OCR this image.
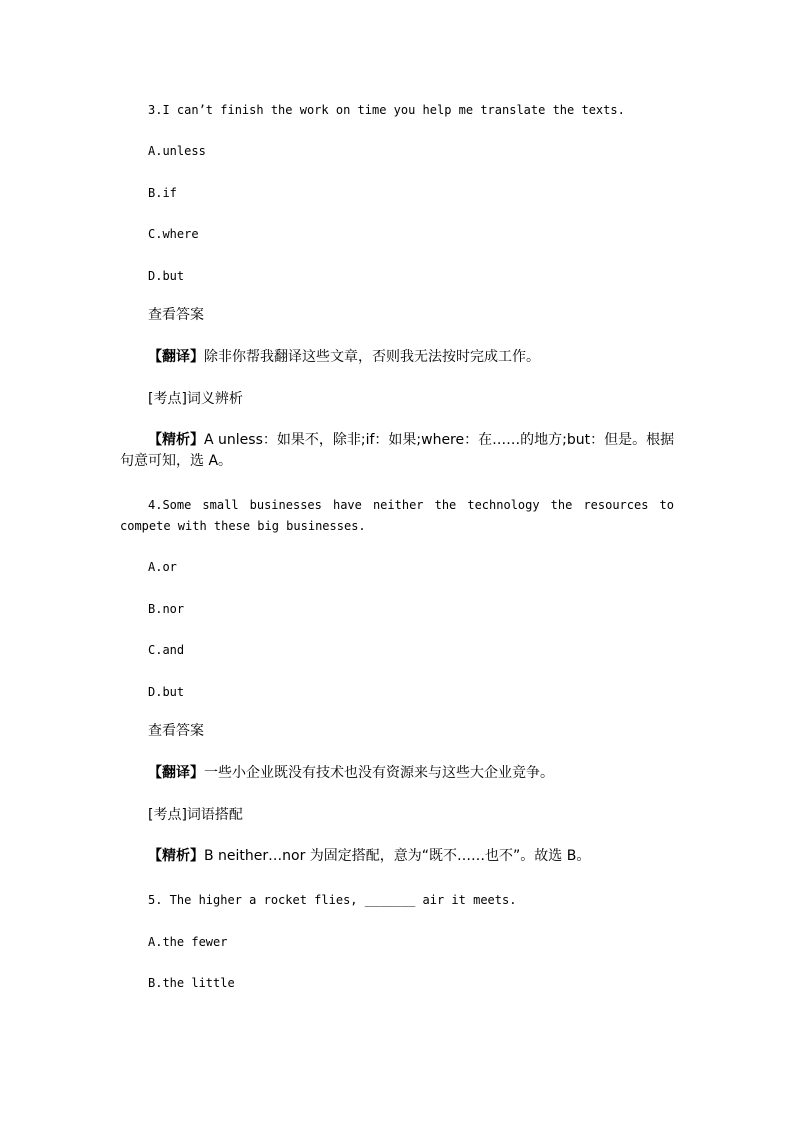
3.I can’t finish the work on time you help me translate the texts.
A.unless
B.if
C.where
D.but
查看答案
【翻译】除非你帮我翻译这些文章，否则我无法按时完成工作。
[考点]词义辨析
【精析】A unless：如果不，除非;if：如果;where：在……的地方;but：但是。根据
句意可知，选 A。
4.Some small businesses have neither the technology the resources to
compete with these big businesses.
A.or
B.nor
C.and
D.but
查看答案
【翻译】一些小企业既没有技术也没有资源来与这些大企业竞争。
[考点]词语搭配
【精析】B neither…nor 为固定搭配，意为“既不……也不”。故选 B。
5. The higher a rocket flies, _______ air it meets.
A.the fewer
B.the little
